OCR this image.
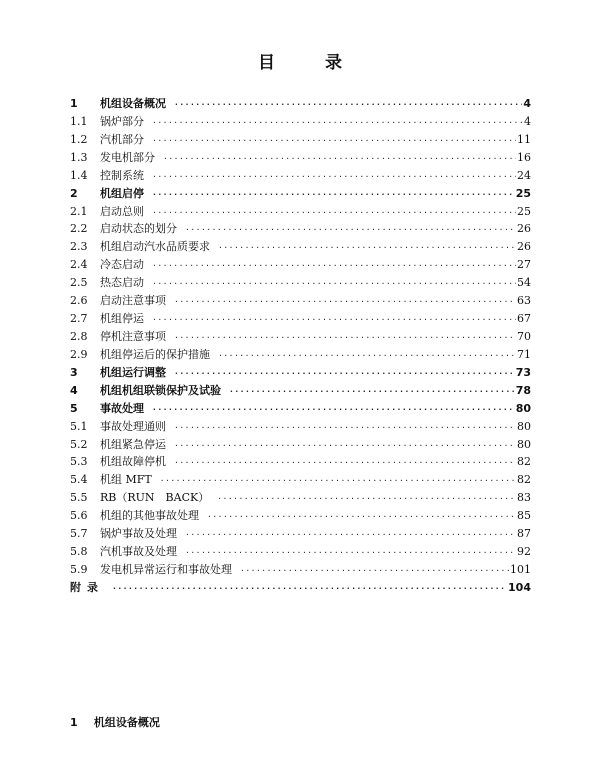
目 录
1	机组设备概况 ·····	4
1.1	锅炉部分 ·····	4
1.2	汽机部分 ·····	11
1.3	发电机部分 ·····	16
1.4	控制系统 ·····	24
2	机组启停 ·····	25
2.1	启动总则 ·····	25
2.2	启动状态的划分 ·····	26
2.3	机组启动汽水品质要求 ·····	26
2.4	冷态启动 ·····	27
2.5	热态启动 ·····	54
2.6	启动注意事项 ·····	63
2.7	机组停运 ·····	67
2.8	停机注意事项 ·····	70
2.9	机组停运后的保护措施 ·····	71
3	机组运行调整 ·····	73
4	机组机组联锁保护及试验 ·····	78
5	事故处理 ·····	80
5.1	事故处理通则 ·····	80
5.2	机组紧急停运 ·····	80
5.3	机组故障停机 ·····	82
5.4	机组 MFT ·····	82
5.5	RB（RUN　BACK） ·····	83
5.6	机组的其他事故处理 ·····	85
5.7	锅炉事故及处理 ·····	87
5.8	汽机事故及处理 ·····	92
5.9	发电机异常运行和事故处理 ·····	101
附录 ·····	104
1 机组设备概况
